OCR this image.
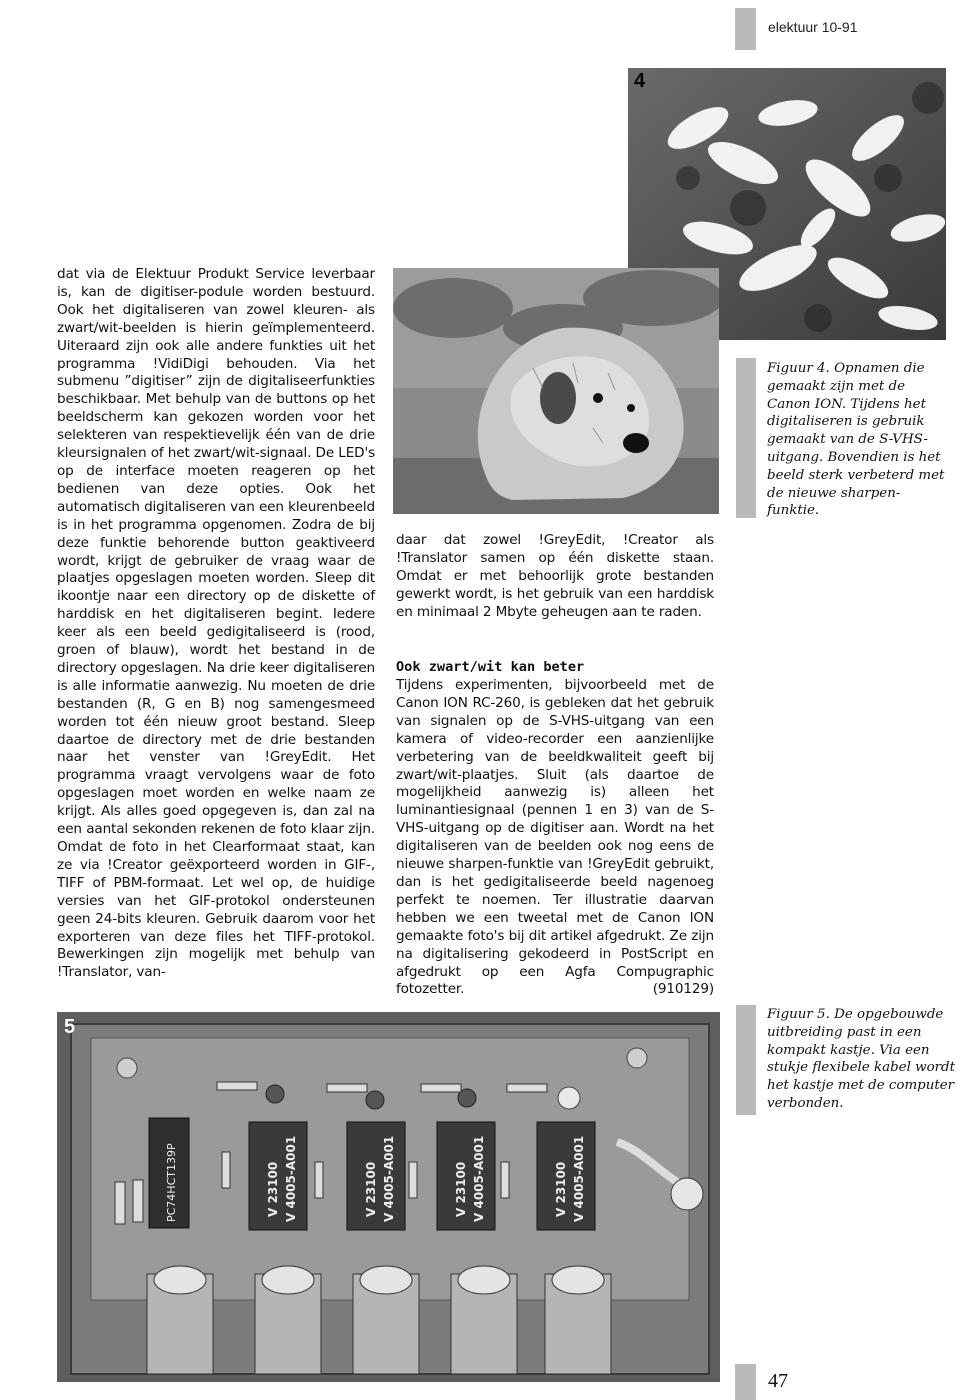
elektuur 10-91
4

Figuur 4. Opnamen die gemaakt zijn met de Canon ION. Tijdens het digitaliseren is gebruik gemaakt van de S-VHS-uitgang. Bovendien is het beeld sterk verbeterd met de nieuwe sharpen-funktie.

dat via de Elektuur Produkt Service leverbaar is, kan de digitiser-podule worden bestuurd. Ook het digitaliseren van zowel kleuren- als zwart/wit-beelden is hierin geïmplementeerd. Uiteraard zijn ook alle andere funkties uit het programma !VidiDigi behouden. Via het submenu ”digitiser” zijn de digitaliseerfunkties beschikbaar. Met behulp van de buttons op het beeldscherm kan gekozen worden voor het selekteren van respektievelijk één van de drie kleursignalen of het zwart/wit-signaal. De LED's op de interface moeten reageren op het bedienen van deze opties. Ook het automatisch digitaliseren van een kleurenbeeld is in het programma opgenomen. Zodra de bij deze funktie behorende button geaktiveerd wordt, krijgt de gebruiker de vraag waar de plaatjes opgeslagen moeten worden. Sleep dit ikoontje naar een directory op de diskette of harddisk en het digitaliseren begint. Iedere keer als een beeld gedigitaliseerd is (rood, groen of blauw), wordt het bestand in de directory opgeslagen. Na drie keer digitaliseren is alle informatie aanwezig. Nu moeten de drie bestanden (R, G en B) nog samengesmeed worden tot één nieuw groot bestand. Sleep daartoe de directory met de drie bestanden naar het venster van !GreyEdit. Het programma vraagt vervolgens waar de foto opgeslagen moet worden en welke naam ze krijgt. Als alles goed opgegeven is, dan zal na een aantal sekonden rekenen de foto klaar zijn. Omdat de foto in het Clearformaat staat, kan ze via !Creator geëxporteerd worden in GIF-, TIFF of PBM-formaat. Let wel op, de huidige versies van het GIF-protokol ondersteunen geen 24-bits kleuren. Gebruik daarom voor het exporteren van deze files het TIFF-protokol. Bewerkingen zijn mogelijk met behulp van !Translator, van-

daar dat zowel !GreyEdit, !Creator als !Translator samen op één diskette staan. Omdat er met behoorlijk grote bestanden gewerkt wordt, is het gebruik van een harddisk en minimaal 2 Mbyte geheugen aan te raden.

Ook zwart/wit kan beter

Tijdens experimenten, bijvoorbeeld met de Canon ION RC-260, is gebleken dat het gebruik van signalen op de S-VHS-uitgang van een kamera of video-recorder een aanzienlijke verbetering van de beeldkwaliteit geeft bij zwart/wit-plaatjes. Sluit (als daartoe de mogelijkheid aanwezig is) alleen het luminantiesignaal (pennen 1 en 3) van de S-VHS-uitgang op de digitiser aan. Wordt na het digitaliseren van de beelden ook nog eens de nieuwe sharpen-funktie van !GreyEdit gebruikt, dan is het gedigitaliseerde beeld nagenoeg perfekt te noemen. Ter illustratie daarvan hebben we een tweetal met de Canon ION gemaakte foto's bij dit artikel afgedrukt. Ze zijn na digitalisering gekodeerd in PostScript en afgedrukt op een Agfa Compugraphic fotozetter.	(910129)
PC74HCT139P	V 23100 V 4005-A001	V 23100 V 4005-A001	V 23100 V 4005-A001	V 23100 V 4005-A001
5

Figuur 5. De opgebouwde uitbreiding past in een kompakt kastje. Via een stukje flexibele kabel wordt het kastje met de computer verbonden.

47
